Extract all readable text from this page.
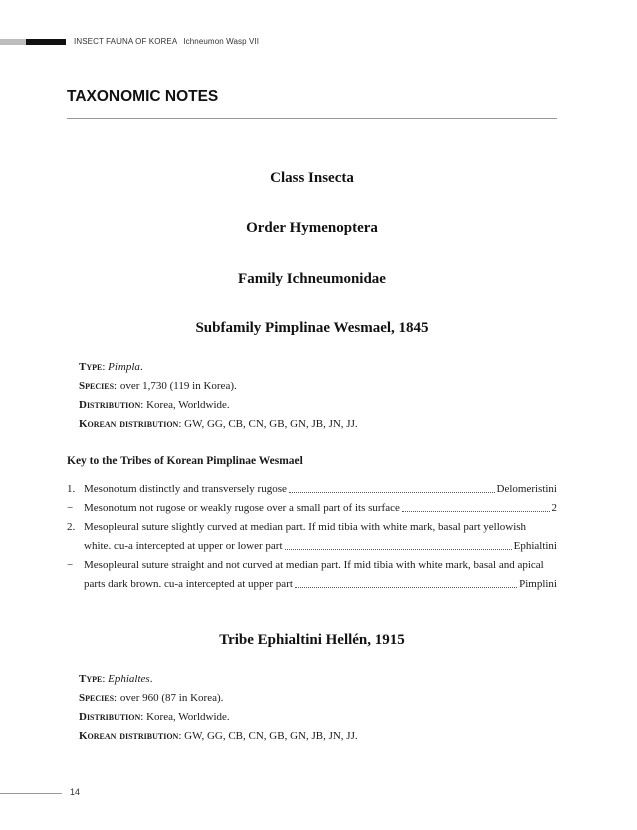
INSECT FAUNA OF KOREA Ichneumon Wasp VII
TAXONOMIC NOTES
Class Insecta
Order Hymenoptera
Family Ichneumonidae
Subfamily Pimplinae Wesmael, 1845
Type: Pimpla.
Species: over 1,730 (119 in Korea).
Distribution: Korea, Worldwide.
Korean distribution: GW, GG, CB, CN, GB, GN, JB, JN, JJ.
Key to the Tribes of Korean Pimplinae Wesmael
1. Mesonotum distinctly and transversely rugose	Delomeristini
− Mesonotum not rugose or weakly rugose over a small part of its surface	2
2. Mesopleural suture slightly curved at median part. If mid tibia with white mark, basal part yellowish
white. cu-a intercepted at upper or lower part	Ephialtini
− Mesopleural suture straight and not curved at median part. If mid tibia with white mark, basal and apical
parts dark brown. cu-a intercepted at upper part	Pimplini
Tribe Ephialtini Hellén, 1915
Type: Ephialtes.
Species: over 960 (87 in Korea).
Distribution: Korea, Worldwide.
Korean distribution: GW, GG, CB, CN, GB, GN, JB, JN, JJ.
14
